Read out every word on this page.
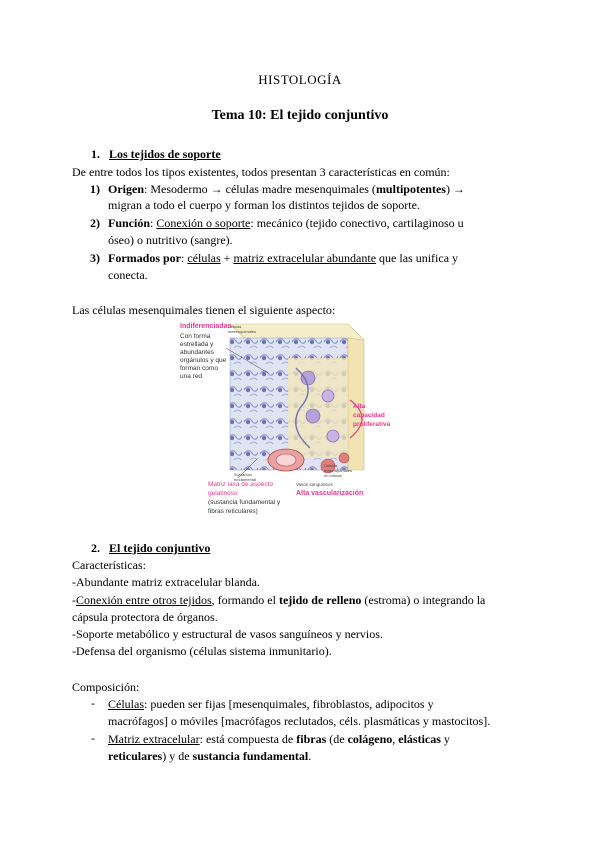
HISTOLOGÍA
Tema 10: El tejido conjuntivo
1. Los tejidos de soporte
De entre todos los tipos existentes, todos presentan 3 características en común:
1) Origen: Mesodermo → células madre mesenquimales (multipotentes) →
migran a todo el cuerpo y forman los distintos tejidos de soporte.
2) Función: Conexión o soporte: mecánico (tejido conectivo, cartilaginoso u
óseo) o nutritivo (sangre).
3) Formados por: células + matriz extracelular abundante que las unifica y
conecta.
Las células mesenquimales tienen el siguiente aspecto:
Indiferenciadas
Con forma
estrellada y
abundantes
orgánulos y que
forman como
una red
Células
mesenquimales
Alta
capacidad
proliferativa
Sustancia
fundamental
Células
mesenquimales
en mitosis
Matriz laxa de aspecto
gelatinoso
(sustancia fundamental y
fibras reticulares)
Vasos sanguíneos
Alta vascularización
2. El tejido conjuntivo
Características:
-Abundante matriz extracelular blanda.
-Conexión entre otros tejidos, formando el tejido de relleno (estroma) o integrando la
cápsula protectora de órganos.
-Soporte metabólico y estructural de vasos sanguíneos y nervios.
-Defensa del organismo (células sistema inmunitario).
Composición:
- Células: pueden ser fijas [mesenquimales, fibroblastos, adipocitos y
macrófagos] o móviles [macrófagos reclutados, céls. plasmáticas y mastocitos].
- Matriz extracelular: está compuesta de fibras (de colágeno, elásticas y
reticulares) y de sustancia fundamental.
